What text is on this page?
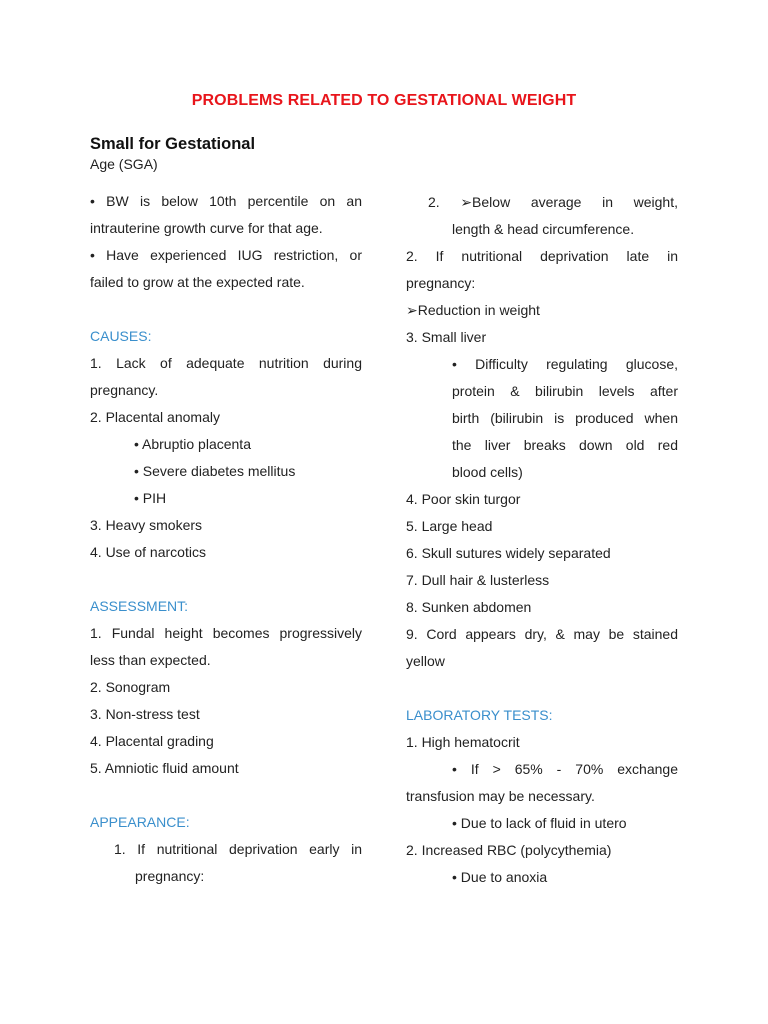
PROBLEMS RELATED TO GESTATIONAL WEIGHT
Small for Gestational
Age (SGA)
• BW is below 10th percentile on an
intrauterine growth curve for that age.
• Have experienced IUG restriction, or
failed to grow at the expected rate.
CAUSES:
1. Lack of adequate nutrition during
pregnancy.
2. Placental anomaly
• Abruptio placenta
• Severe diabetes mellitus
• PIH
3. Heavy smokers
4. Use of narcotics
ASSESSMENT:
1. Fundal height becomes progressively
less than expected.
2. Sonogram
3. Non-stress test
4. Placental grading
5. Amniotic fluid amount
APPEARANCE:
1. If nutritional deprivation early in
pregnancy:
2. ➢Below average in weight,
length & head circumference.
2. If nutritional deprivation late in
pregnancy:
➢Reduction in weight
3. Small liver
• Difficulty regulating glucose,
protein & bilirubin levels after
birth (bilirubin is produced when
the liver breaks down old red
blood cells)
4. Poor skin turgor
5. Large head
6. Skull sutures widely separated
7. Dull hair & lusterless
8. Sunken abdomen
9. Cord appears dry, & may be stained
yellow
LABORATORY TESTS:
1. High hematocrit
• If > 65% - 70% exchange
transfusion may be necessary.
• Due to lack of fluid in utero
2. Increased RBC (polycythemia)
• Due to anoxia
